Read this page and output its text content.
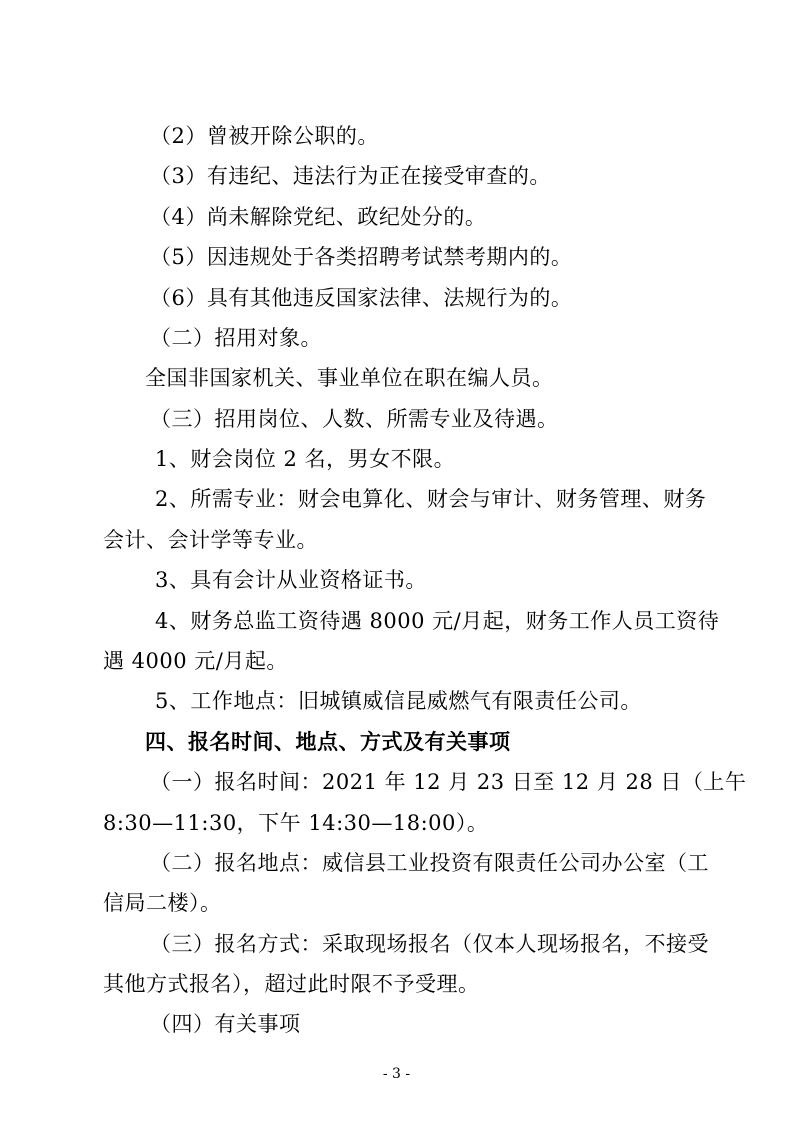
（2）曾被开除公职的。
（3）有违纪、违法行为正在接受审查的。
（4）尚未解除党纪、政纪处分的。
（5）因违规处于各类招聘考试禁考期内的。
（6）具有其他违反国家法律、法规行为的。
（二）招用对象。
全国非国家机关、事业单位在职在编人员。
（三）招用岗位、人数、所需专业及待遇。
1、财会岗位 2 名，男女不限。
2、所需专业：财会电算化、财会与审计、财务管理、财务
会计、会计学等专业。
3、具有会计从业资格证书。
4、财务总监工资待遇 8000 元/月起，财务工作人员工资待
遇 4000 元/月起。
5、工作地点：旧城镇威信昆威燃气有限责任公司。
四、报名时间、地点、方式及有关事项
（一）报名时间：2021 年 12 月 23 日至 12 月 28 日（上午
8:30—11:30，下午 14:30—18:00）。
（二）报名地点：威信县工业投资有限责任公司办公室（工
信局二楼）。
（三）报名方式：采取现场报名（仅本人现场报名，不接受
其他方式报名），超过此时限不予受理。
（四）有关事项
- 3 -
